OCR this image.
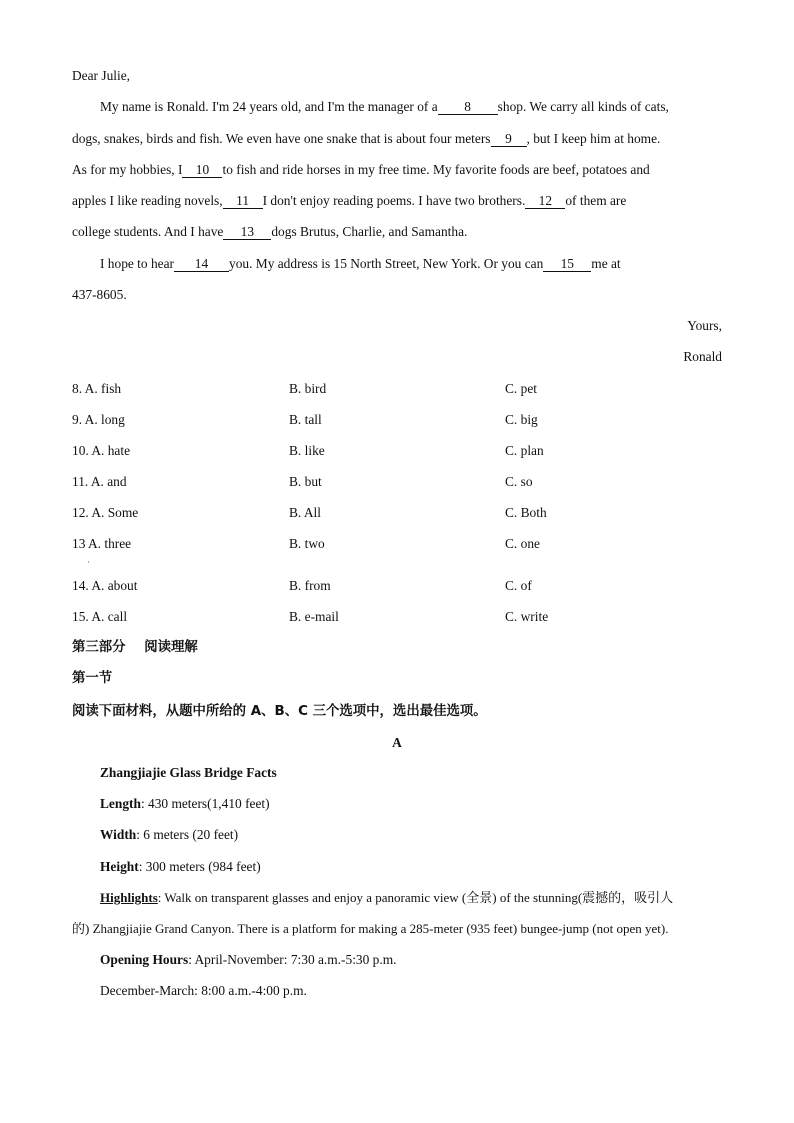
Dear Julie,
My name is Ronald. I'm 24 years old, and I'm the manager of a 8 shop. We carry all kinds of cats,
dogs, snakes, birds and fish. We even have one snake that is about four meters 9 , but I keep him at home.
As for my hobbies, I 10 to fish and ride horses in my free time. My favorite foods are beef, potatoes and
apples I like reading novels, 11 I don't enjoy reading poems. I have two brothers. 12 of them are
college students. And I have 13 dogs Brutus, Charlie, and Samantha.
I hope to hear 14 you. My address is 15 North Street, New York. Or you can 15 me at
437-8605.
Yours,
Ronald
8. A. fish	B. bird	C. pet
9. A. long	B. tall	C. big
10. A. hate	B. like	C. plan
11. A. and	B. but	C. so
12. A. Some	B. All	C. Both
13 A. three	B. two	C. one
·
14. A. about	B. from	C. of
15. A. call	B. e-mail	C. write
第三部分    阅读理解
第一节
阅读下面材料，从题中所给的 A、B、C 三个选项中，选出最佳选项。
A
Zhangjiajie Glass Bridge Facts
Length: 430 meters(1,410 feet)
Width: 6 meters (20 feet)
Height: 300 meters (984 feet)
Highlights: Walk on transparent glasses and enjoy a panoramic view (全景) of the stunning(震撼的，吸引人
的) Zhangjiajie Grand Canyon. There is a platform for making a 285-meter (935 feet) bungee-jump (not open yet).
Opening Hours: April-November: 7:30 a.m.-5:30 p.m.
December-March: 8:00 a.m.-4:00 p.m.
